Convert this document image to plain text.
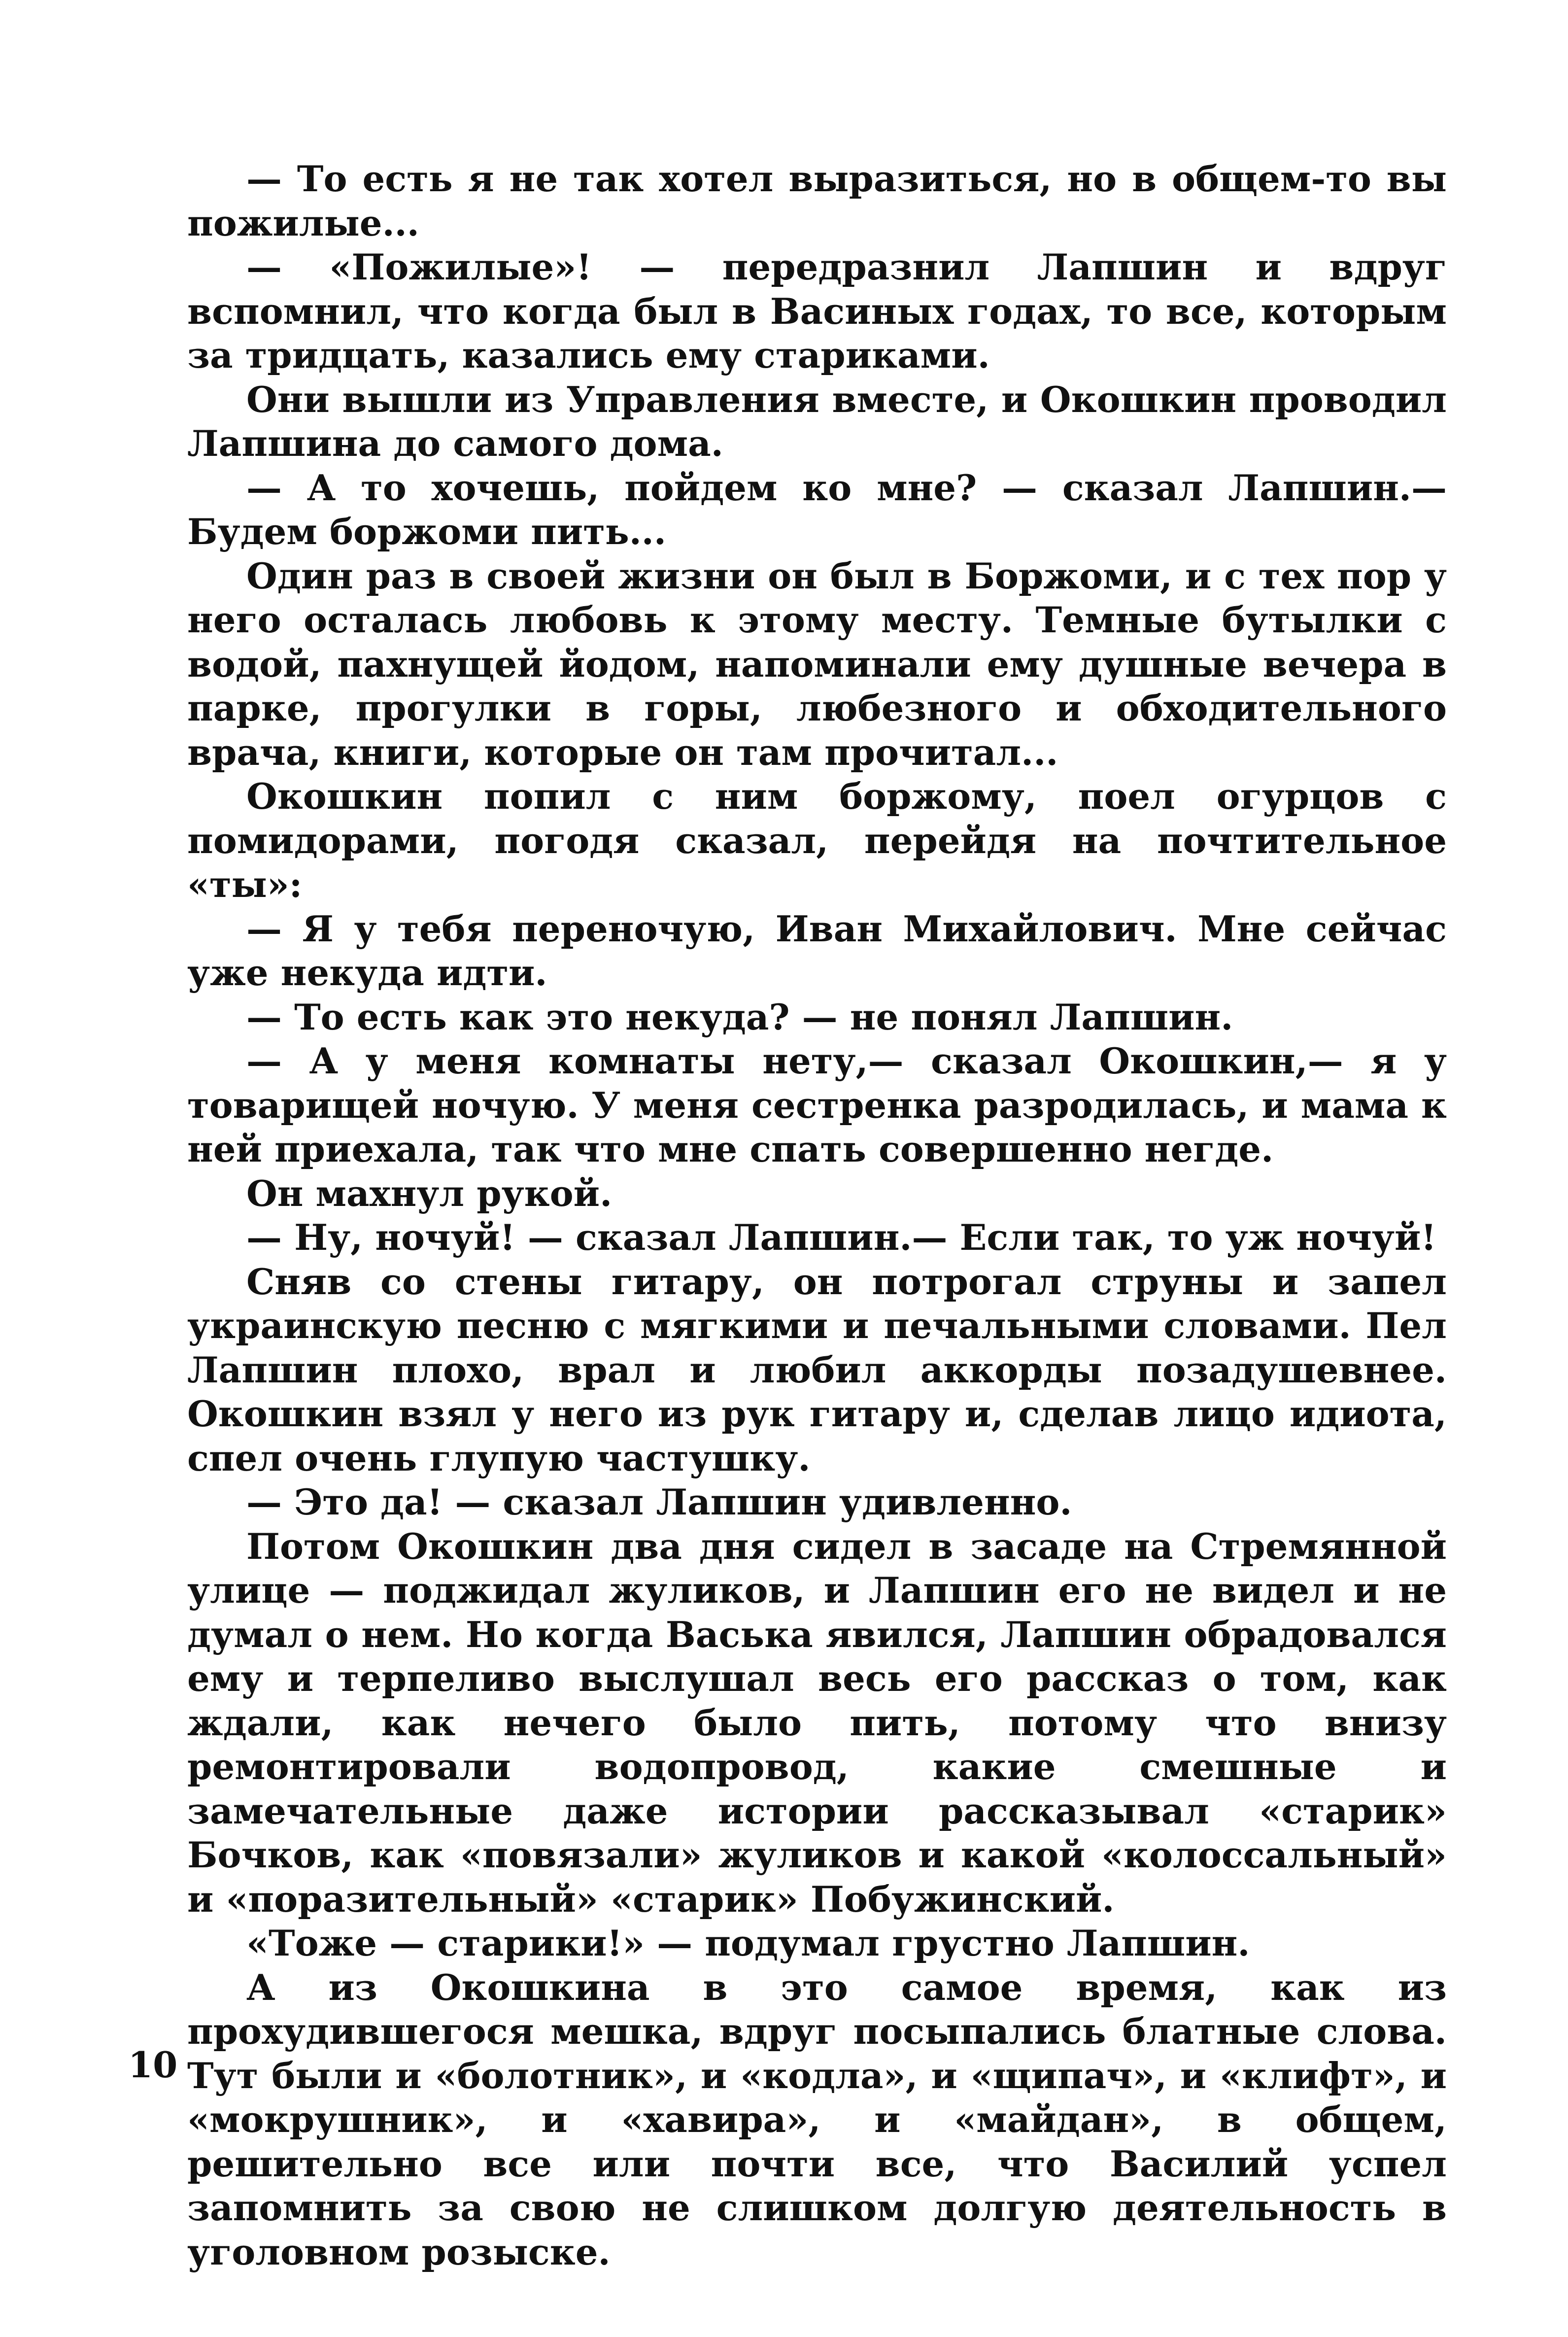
— То есть я не так хотел выразиться, но в общем-то вы пожилые...

— «Пожилые»! — передразнил Лапшин и вдруг вспомнил, что когда был в Васиных годах, то все, которым за тридцать, казались ему стариками.

Они вышли из Управления вместе, и Окошкин проводил Лапшина до самого дома.

— А то хочешь, пойдем ко мне? — сказал Лапшин.— Будем боржоми пить...

Один раз в своей жизни он был в Боржоми, и с тех пор у него осталась любовь к этому месту. Темные бутылки с водой, пахнущей йодом, напоминали ему душные вечера в парке, прогулки в горы, любезного и обходительного врача, книги, которые он там прочитал...

Окошкин попил с ним боржому, поел огурцов с помидорами, погодя сказал, перейдя на почтительное «ты»:

— Я у тебя переночую, Иван Михайлович. Мне сейчас уже некуда идти.

— То есть как это некуда? — не понял Лапшин.

— А у меня комнаты нету,— сказал Окошкин,— я у товарищей ночую. У меня сестренка разродилась, и мама к ней приехала, так что мне спать совершенно негде.

Он махнул рукой.

— Ну, ночуй! — сказал Лапшин.— Если так, то уж ночуй!

Сняв со стены гитару, он потрогал струны и запел украинскую песню с мягкими и печальными словами. Пел Лапшин плохо, врал и любил аккорды позадушевнее. Окошкин взял у него из рук гитару и, сделав лицо идиота, спел очень глупую частушку.

— Это да! — сказал Лапшин удивленно.

Потом Окошкин два дня сидел в засаде на Стремянной улице — поджидал жуликов, и Лапшин его не видел и не думал о нем. Но когда Васька явился, Лапшин обрадовался ему и терпеливо выслушал весь его рассказ о том, как ждали, как нечего было пить, потому что внизу ремонтировали водопровод, какие смешные и замечательные даже истории рассказывал «старик» Бочков, как «повязали» жуликов и какой «колоссальный» и «поразительный» «старик» Побужинский.

«Тоже — старики!» — подумал грустно Лапшин.

А из Окошкина в это самое время, как из прохудившегося мешка, вдруг посыпались блатные слова. Тут были и «болотник», и «кодла», и «щипач», и «клифт», и «мокрушник», и «хавира», и «майдан», в общем, решительно все или почти все, что Василий успел запомнить за свою не слишком долгую деятельность в уголовном розыске.

10
